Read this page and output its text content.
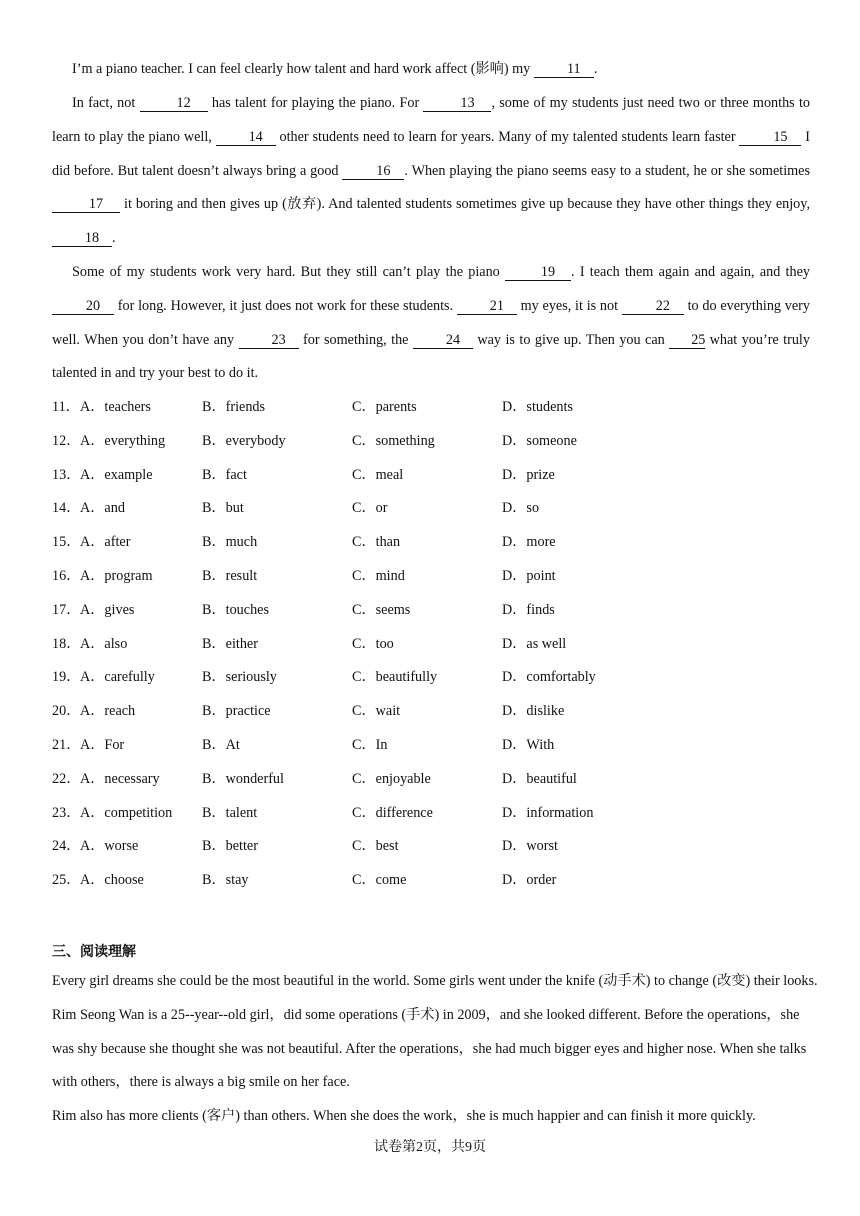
I’m a piano teacher. I can feel clearly how talent and hard work affect (影响) my 11 .

In fact, not	12 has talent for playing the piano. For	13 , some of my students just need two or three months to learn to play the piano well, 14 other students need to learn for years. Many of my talented students learn faster 15 I did before. But talent doesn’t always bring a good 16 . When playing the piano seems easy to a student, he or she sometimes 17 it boring and then gives up (放弃). And talented students sometimes give up because they have other things they enjoy, 18 .

Some of my students work very hard. But they still can’t play the piano	19 . I teach them again and again, and they 20 for long. However, it just does not work for these students. 21 my eyes, it is not 22 to do everything very well. When you don’t have any 23 for something, the 24 way is to give up. Then you can 25 what you’re truly talented in and try your best to do it.

11． A．teachers	B．friends	C．parents	D．students
12． A．everything	B．everybody	C．something	D．someone
13． A．example	B．fact	C．meal	D．prize
14． A．and	B．but	C．or	D．so
15． A．after	B．much	C．than	D．more
16． A．program	B．result	C．mind	D．point
17． A．gives	B．touches	C．seems	D．finds
18． A．also	B．either	C．too	D．as well
19． A．carefully	B．seriously	C．beautifully	D．comfortably
20． A．reach	B．practice	C．wait	D．dislike
21． A．For	B．At	C．In	D．With
22． A．necessary	B．wonderful	C．enjoyable	D．beautiful
23． A．competition B．talent	C．difference	D．information
24． A．worse	B．better	C．best	D．worst
25． A．choose	B．stay	C．come	D．order
三、阅读理解

Every girl dreams she could be the most beautiful in the world. Some girls went under the knife (动手术) to change (改变) their looks.

Rim Seong Wan is a 25--year--old girl，did some operations (手术) in 2009，and she looked different. Before the operations，she was shy because she thought she was not beautiful. After the operations，she had much bigger eyes and higher nose. When she talks with others，there is always a big smile on her face.

Rim also has more clients (客户) than others. When she does the work，she is much happier and can finish it more quickly.

试卷第2页，共9页
